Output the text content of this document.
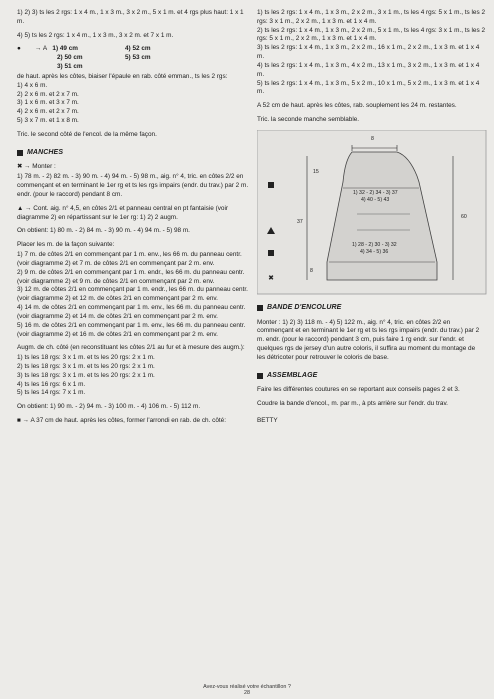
1) 2) 3) ts les 2 rgs: 1 x 4 m., 1 x 3 m., 3 x 2 m., 5 x 1 m. et 4 rgs plus haut: 1 x 1 m.

4) 5) ts les 2 rgs: 1 x 4 m., 1 x 3 m., 3 x 2 m. et 7 x 1 m.

●	→ A 1) 49 cm	4) 52 cm
2) 50 cm	5) 53 cm
3) 51 cm

de haut. après les côtes, biaiser l'épaule en rab. côté emman., ts les 2 rgs:

1) 4 x 6 m.
2) 2 x 6 m. et 2 x 7 m.
3) 1 x 6 m. et 3 x 7 m.
4) 2 x 6 m. et 2 x 7 m.
5) 3 x 7 m. et 1 x 8 m.

Tric. le second côté de l'encol. de la même façon.

MANCHES

✖ → Monter :

1) 78 m. - 2) 82 m. - 3) 90 m. - 4) 94 m. - 5) 98 m., aig. n° 4, tric. en côtes 2/2 en commençant et en terminant le 1er rg et ts les rgs impairs (endr. du trav.) par 2 m. endr. (pour le raccord) pendant 8 cm.

▲ → Cont. aig. n° 4,5, en côtes 2/1 et panneau central en pt fantaisie (voir diagramme 2) en répartissant sur le 1er rg: 1) 2) 2 augm.

On obtient: 1) 80 m. - 2) 84 m. - 3) 90 m. - 4) 94 m. - 5) 98 m.

Placer les m. de la façon suivante:

1) 7 m. de côtes 2/1 en commençant par 1 m. env., les 66 m. du panneau centr. (voir diagramme 2) et 7 m. de côtes 2/1 en commençant par 2 m. env.
2) 9 m. de côtes 2/1 en commençant par 1 m. endr., les 66 m. du panneau centr. (voir diagramme 2) et 9 m. de côtes 2/1 en commençant par 2 m. env.
3) 12 m. de côtes 2/1 en commençant par 1 m. endr., les 66 m. du panneau centr. (voir diagramme 2) et 12 m. de côtes 2/1 en commençant par 2 m. env.
4) 14 m. de côtes 2/1 en commençant par 1 m. env., les 66 m. du panneau centr. (voir diagramme 2) et 14 m. de côtes 2/1 en commençant par 2 m. env.
5) 16 m. de côtes 2/1 en commençant par 1 m. env., les 66 m. du panneau centr. (voir diagramme 2) et 16 m. de côtes 2/1 en commençant par 2 m. env.

Augm. de ch. côté (en reconstituant les côtes 2/1 au fur et à mesure des augm.):

1) ts les 18 rgs: 3 x 1 m. et ts les 20 rgs: 2 x 1 m.
2) ts les 18 rgs: 3 x 1 m. et ts les 20 rgs: 2 x 1 m.
3) ts les 18 rgs: 3 x 1 m. et ts les 20 rgs: 2 x 1 m.
4) ts les 16 rgs: 6 x 1 m.
5) ts les 14 rgs: 7 x 1 m.

On obtient: 1) 90 m. - 2) 94 m. - 3) 100 m. - 4) 106 m. - 5) 112 m.

■ → A 37 cm de haut. après les côtes, former l'arrondi en rab. de ch. côté:

1) ts les 2 rgs: 1 x 4 m., 1 x 3 m., 2 x 2 m., 3 x 1 m., ts les 4 rgs: 5 x 1 m., ts les 2 rgs: 3 x 1 m., 2 x 2 m., 1 x 3 m. et 1 x 4 m.

2) ts les 2 rgs: 1 x 4 m., 1 x 3 m., 2 x 2 m., 5 x 1 m., ts les 4 rgs: 3 x 1 m., ts les 2 rgs: 5 x 1 m., 2 x 2 m., 1 x 3 m. et 1 x 4 m.

3) ts les 2 rgs: 1 x 4 m., 1 x 3 m., 2 x 2 m., 16 x 1 m., 2 x 2 m., 1 x 3 m. et 1 x 4 m.

4) ts les 2 rgs: 1 x 4 m., 1 x 3 m., 4 x 2 m., 13 x 1 m., 3 x 2 m., 1 x 3 m. et 1 x 4 m.

5) ts les 2 rgs: 1 x 4 m., 1 x 3 m., 5 x 2 m., 10 x 1 m., 5 x 2 m., 1 x 3 m. et 1 x 4 m.

A 52 cm de haut. après les côtes, rab. souplement les 24 m. restantes.

Tric. la seconde manche semblable.

✖
8
15
37
60
8
1) 32 - 2) 34 - 3) 37
4) 40 - 5) 43
1) 28 - 2) 30 - 3) 32
4) 34 - 5) 36
BANDE D'ENCOLURE

Monter : 1) 2) 3) 118 m. - 4) 5) 122 m., aig. n° 4, tric. en côtes 2/2 en commençant et en terminant le 1er rg et ts les rgs impairs (endr. du trav.) par 2 m. endr. (pour le raccord) pendant 3 cm, puis faire 1 rg endr. sur l'endr. et quelques rgs de jersey d'un autre coloris, il suffira au moment du montage de les détricoter pour retrouver le coloris de base.

ASSEMBLAGE

Faire les différentes coutures en se reportant aux conseils pages 2 et 3.

Coudre la bande d'encol., m. par m., à pts arrière sur l'endr. du trav.

BETTY

Avez-vous réalisé votre échantillon ?
28
